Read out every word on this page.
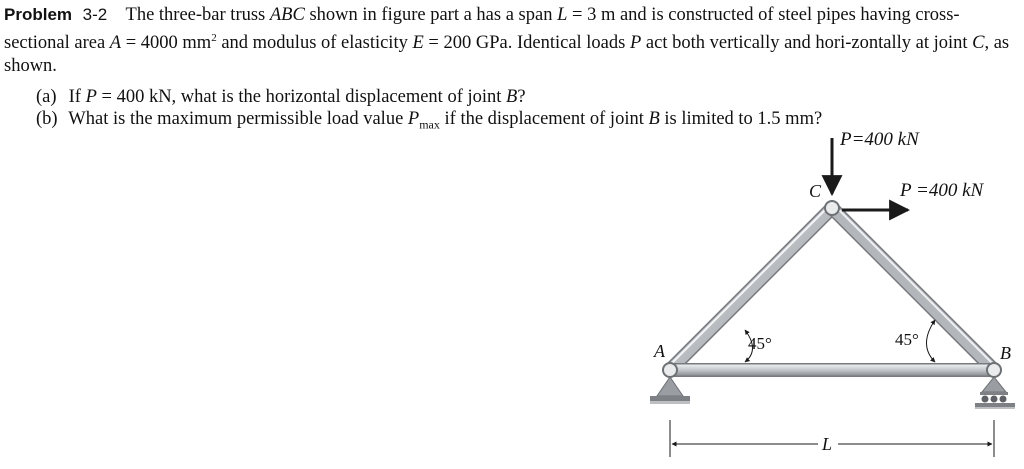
Problem 3-2 The three-bar truss ABC shown in figure part a has a span L = 3 m and is constructed of steel pipes having cross-sectional area A = 4000 $mm^2$ and modulus of elasticity E = 200 GPa. Identical loads P act both vertically and hori-zontally at joint C, as shown.
(a) If P = 400 kN, what is the horizontal displacement of joint B?
(b) What is the maximum permissible load value $P_{max}$ if the displacement of joint B is limited to 1.5 mm?
P=400 kN
P =400 kN
C
A	B
45°	45°
L
